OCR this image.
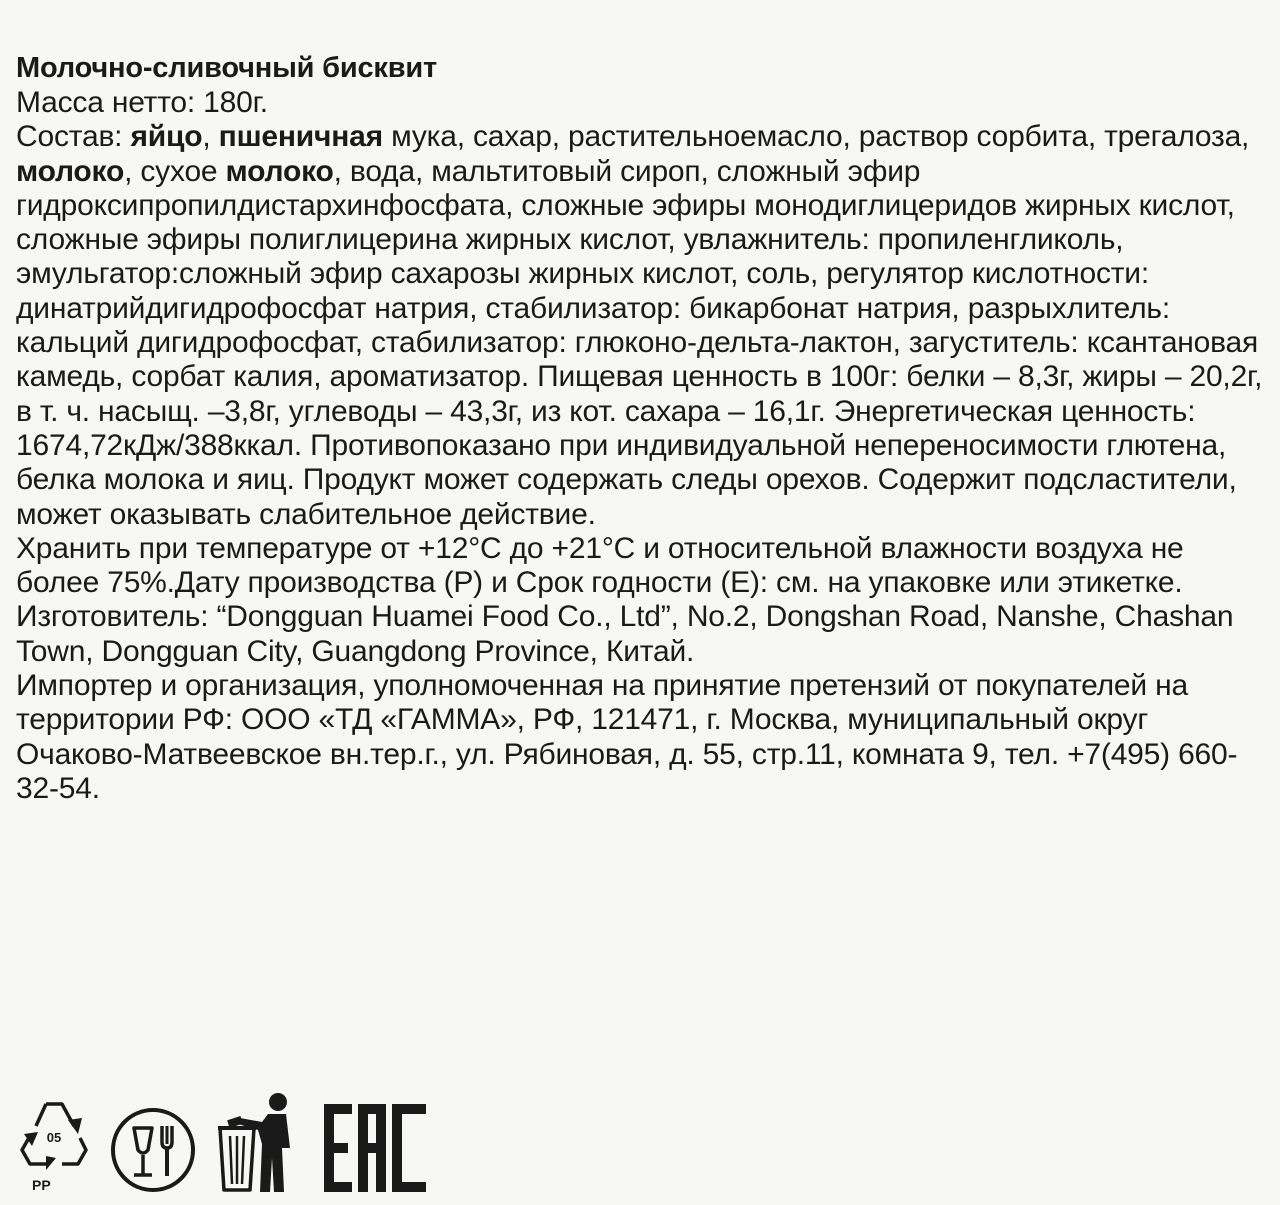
Молочно-сливочный бисквит

Масса нетто: 180г.

Состав: яйцо, пшеничная мука, сахар, растительноемасло, раствор сорбита, трегалоза, молоко, сухое молоко, вода, мальтитовый сироп, сложный эфир гидроксипропилдистархинфосфата, сложные эфиры монодиглицеридов жирных кислот, сложные эфиры полиглицерина жирных кислот, увлажнитель: пропиленгликоль, эмульгатор:сложный эфир сахарозы жирных кислот, соль, регулятор кислотности: динатрийдигидрофосфат натрия, стабилизатор: бикарбонат натрия, разрыхлитель: кальций дигидрофосфат, стабилизатор: глюконо-дельта-лактон, загуститель: ксантановая камедь, сорбат калия, ароматизатор. Пищевая ценность в 100г: белки – 8,3г, жиры – 20,2г, в т. ч. насыщ. –3,8г, углеводы – 43,3г, из кот. сахара – 16,1г. Энергетическая ценность: 1674,72кДж/388ккал. Противопоказано при индивидуальной непереносимости глютена, белка молока и яиц. Продукт может содержать следы орехов. Содержит подсластители, может оказывать слабительное действие.

Хранить при температуре от +12°C до +21°C и относительной влажности воздуха не более 75%.Дату производства (P) и Срок годности (E): см. на упаковке или этикетке.

Изготовитель: “Dongguan Huamei Food Co., Ltd”, No.2, Dongshan Road, Nanshe, Chashan Town, Dongguan City, Guangdong Province, Китай.

Импортер и организация, уполномоченная на принятие претензий от покупателей на территории РФ: ООО «ТД «ГАММА», РФ, 121471, г. Москва, муниципальный округ Очаково-Матвеевское вн.тер.г., ул. Рябиновая, д. 55, стр.11, комната 9, тел. +7(495) 660-32-54.

05
PP
EAC
